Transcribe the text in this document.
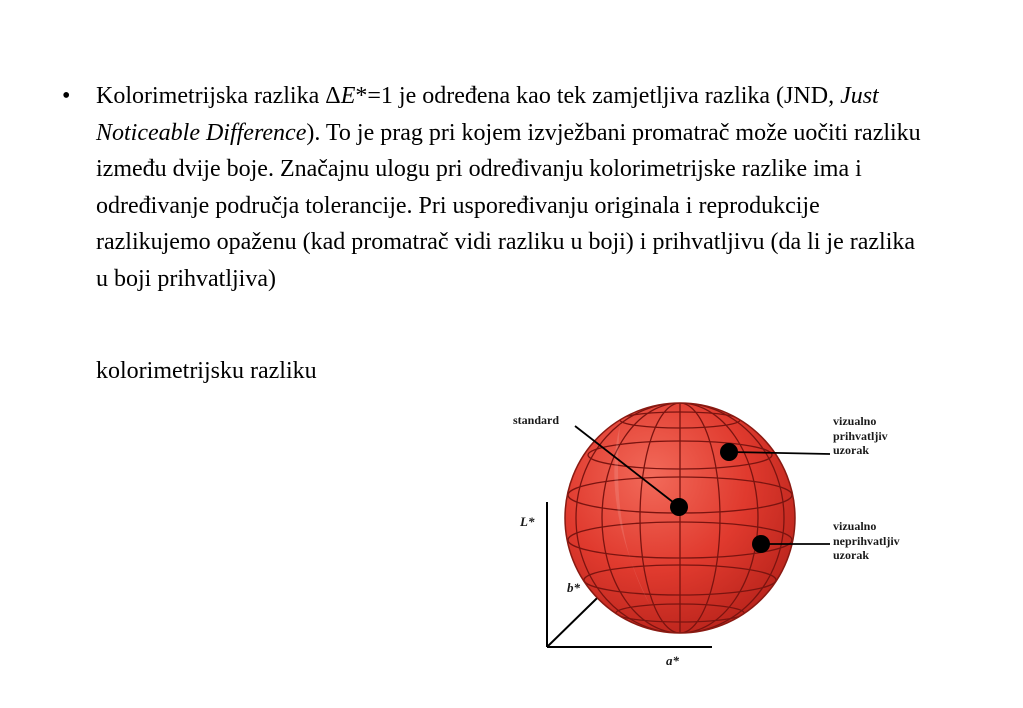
• Kolorimetrijska razlika ΔE*=1 je određena kao tek zamjetljiva razlika (JND, Just Noticeable Difference). To je prag pri kojem izvježbani promatrač može uočiti razliku između dvije boje. Značajnu ulogu pri određivanju kolorimetrijske razlike ima i određivanje područja tolerancije. Pri uspoređivanju originala i reprodukcije razlikujemo opaženu (kad promatrač vidi razliku u boji) i prihvatljivu (da li je razlika u boji prihvatljiva)

kolorimetrijsku razliku
standard	vizualno
prihvatljiv
uzorak
vizualno
neprihvatljiv
uzorak
L*
b*
a*
